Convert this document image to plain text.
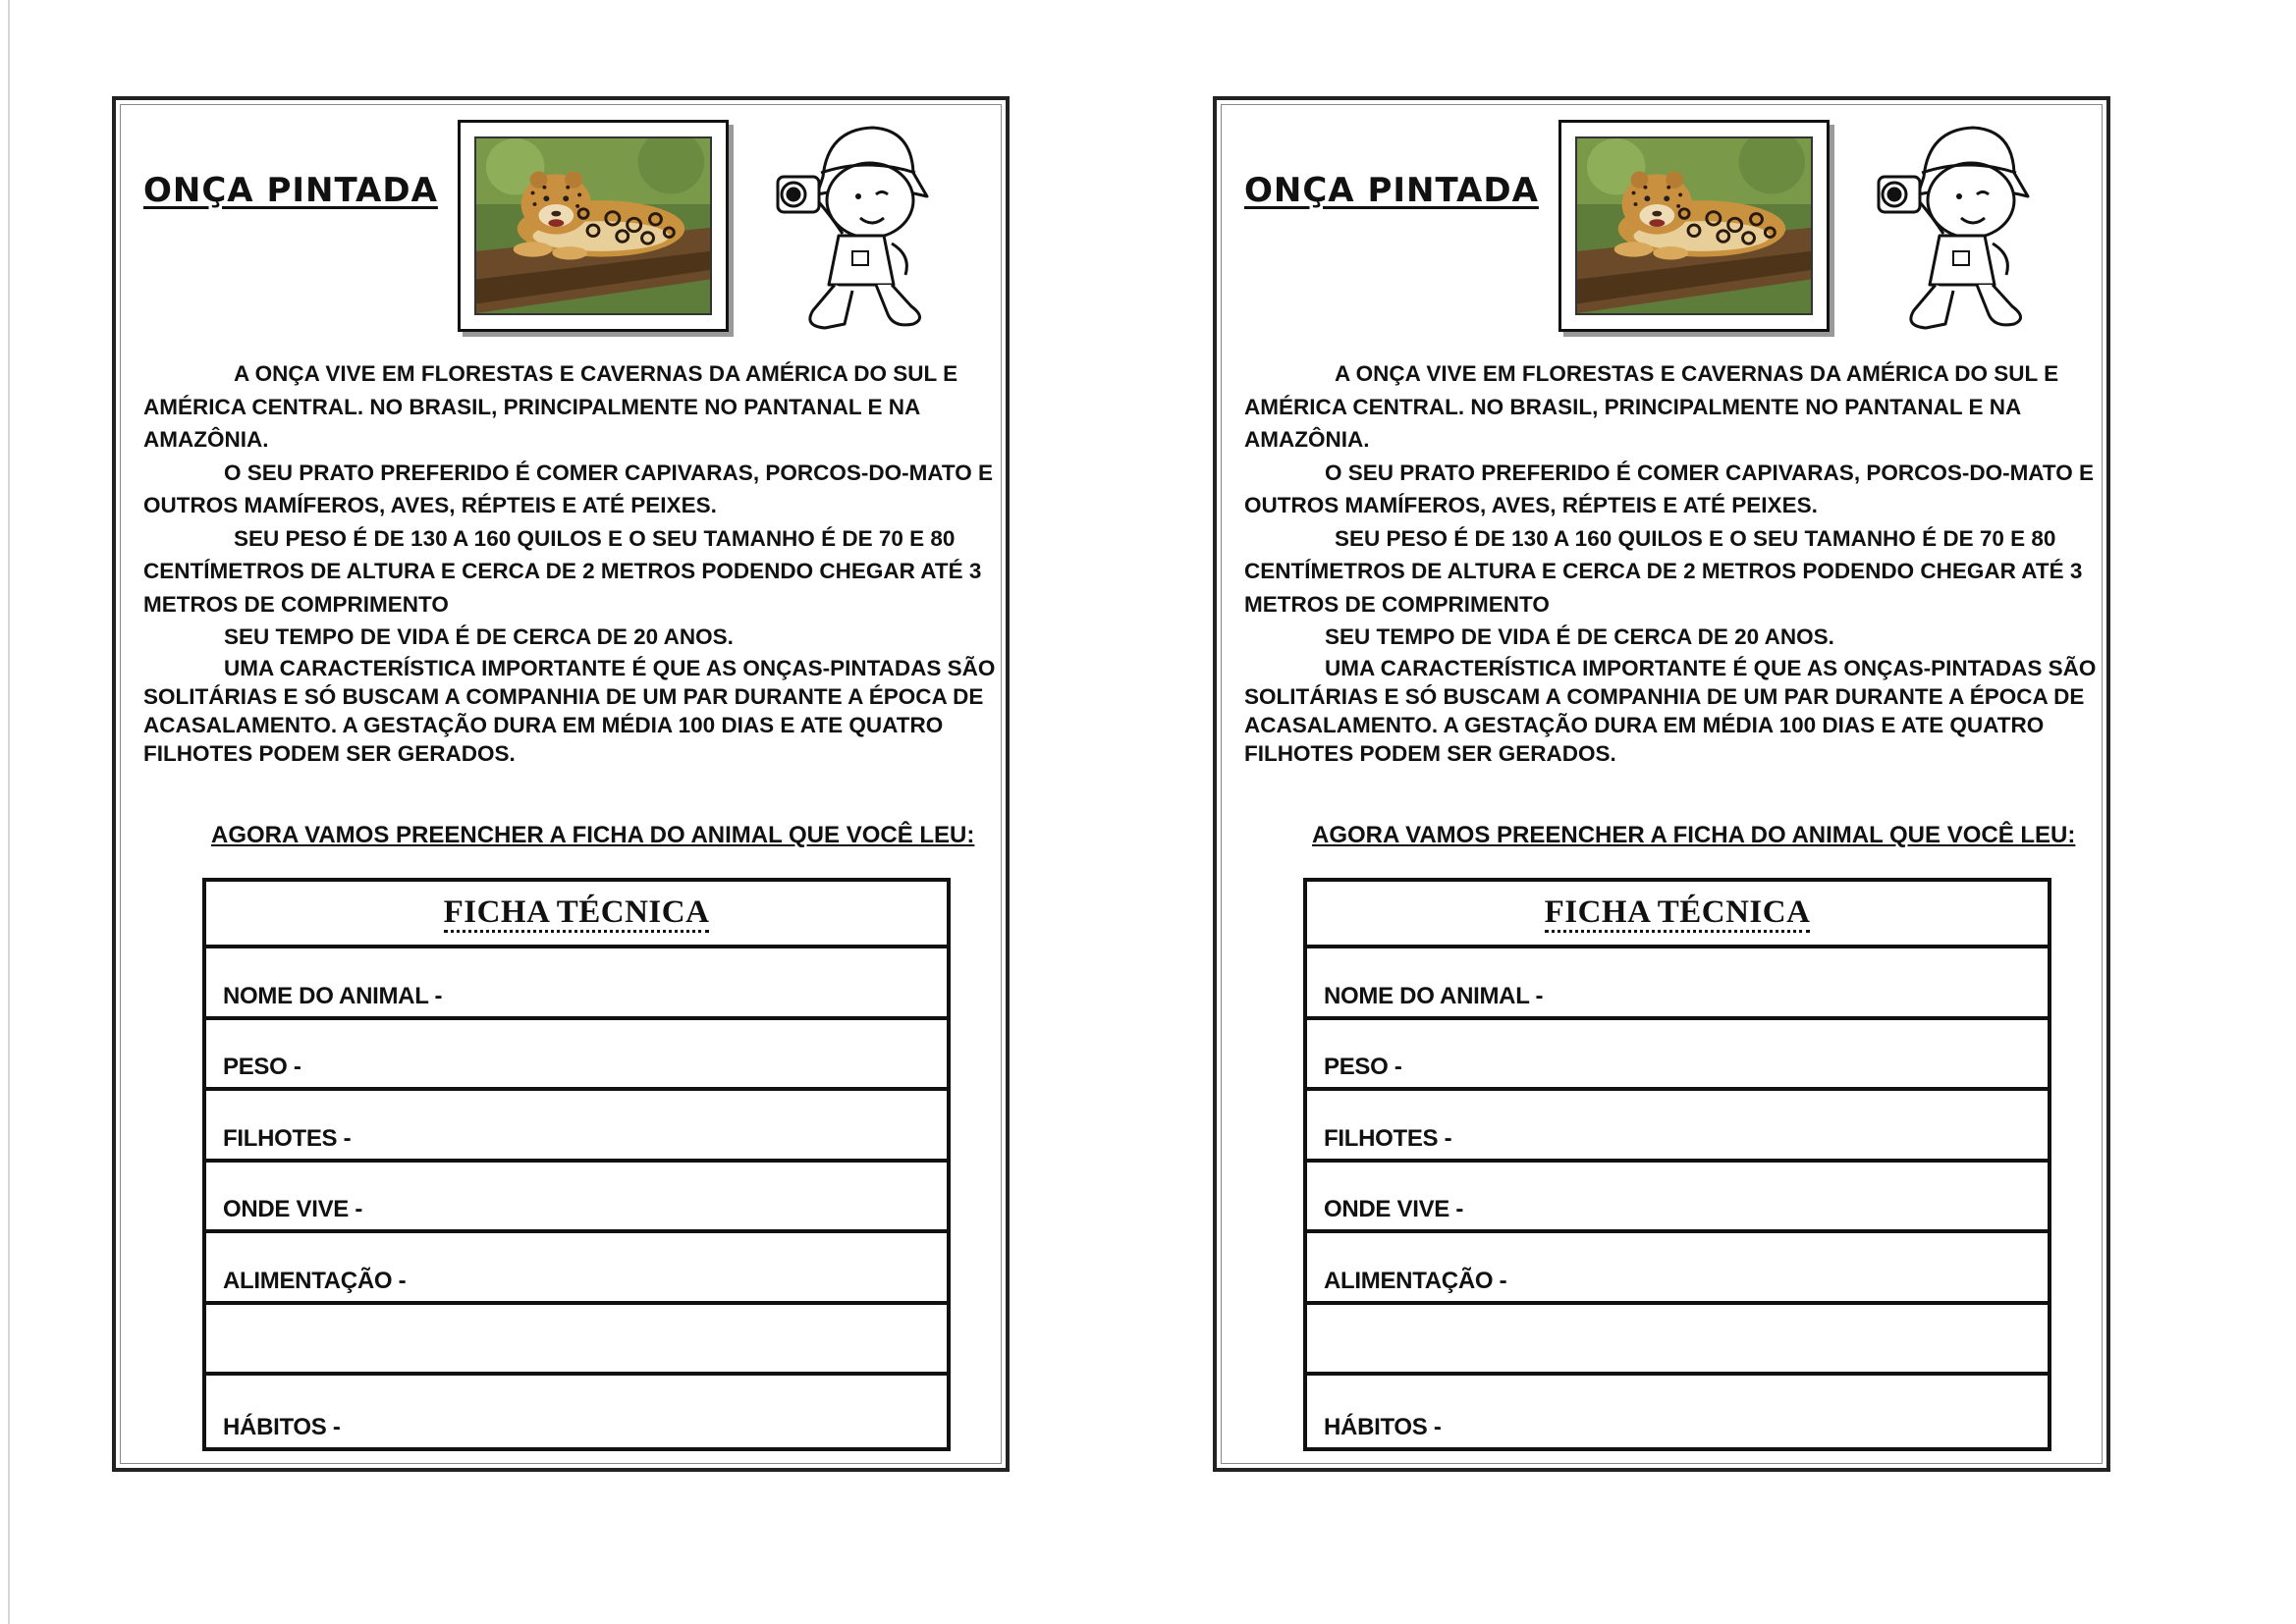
ONÇA PINTADA

A ONÇA VIVE EM FLORESTAS E CAVERNAS DA AMÉRICA DO SUL E AMÉRICA CENTRAL. NO BRASIL, PRINCIPALMENTE NO PANTANAL E NA AMAZÔNIA.

O SEU PRATO PREFERIDO É COMER CAPIVARAS, PORCOS-DO-MATO E OUTROS MAMÍFEROS, AVES, RÉPTEIS E ATÉ PEIXES.

SEU PESO É DE 130 A 160 QUILOS E O SEU TAMANHO É DE 70 E 80 CENTÍMETROS DE ALTURA E CERCA DE 2 METROS PODENDO CHEGAR ATÉ 3 METROS DE COMPRIMENTO

SEU TEMPO DE VIDA É DE CERCA DE 20 ANOS.

UMA CARACTERÍSTICA IMPORTANTE É QUE AS ONÇAS-PINTADAS SÃO SOLITÁRIAS E SÓ BUSCAM A COMPANHIA DE UM PAR DURANTE A ÉPOCA DE ACASALAMENTO. A GESTAÇÃO DURA EM MÉDIA 100 DIAS E ATE QUATRO FILHOTES PODEM SER GERADOS.

AGORA VAMOS PREENCHER A FICHA DO ANIMAL QUE VOCÊ LEU:

FICHA TÉCNICA
NOME DO ANIMAL -
PESO -
FILHOTES -
ONDE VIVE -
ALIMENTAÇÃO -
HÁBITOS -
ONÇA PINTADA

A ONÇA VIVE EM FLORESTAS E CAVERNAS DA AMÉRICA DO SUL E AMÉRICA CENTRAL. NO BRASIL, PRINCIPALMENTE NO PANTANAL E NA AMAZÔNIA.

O SEU PRATO PREFERIDO É COMER CAPIVARAS, PORCOS-DO-MATO E OUTROS MAMÍFEROS, AVES, RÉPTEIS E ATÉ PEIXES.

SEU PESO É DE 130 A 160 QUILOS E O SEU TAMANHO É DE 70 E 80 CENTÍMETROS DE ALTURA E CERCA DE 2 METROS PODENDO CHEGAR ATÉ 3 METROS DE COMPRIMENTO

SEU TEMPO DE VIDA É DE CERCA DE 20 ANOS.

UMA CARACTERÍSTICA IMPORTANTE É QUE AS ONÇAS-PINTADAS SÃO SOLITÁRIAS E SÓ BUSCAM A COMPANHIA DE UM PAR DURANTE A ÉPOCA DE ACASALAMENTO. A GESTAÇÃO DURA EM MÉDIA 100 DIAS E ATE QUATRO FILHOTES PODEM SER GERADOS.

AGORA VAMOS PREENCHER A FICHA DO ANIMAL QUE VOCÊ LEU:

FICHA TÉCNICA
NOME DO ANIMAL -
PESO -
FILHOTES -
ONDE VIVE -
ALIMENTAÇÃO -
HÁBITOS -
